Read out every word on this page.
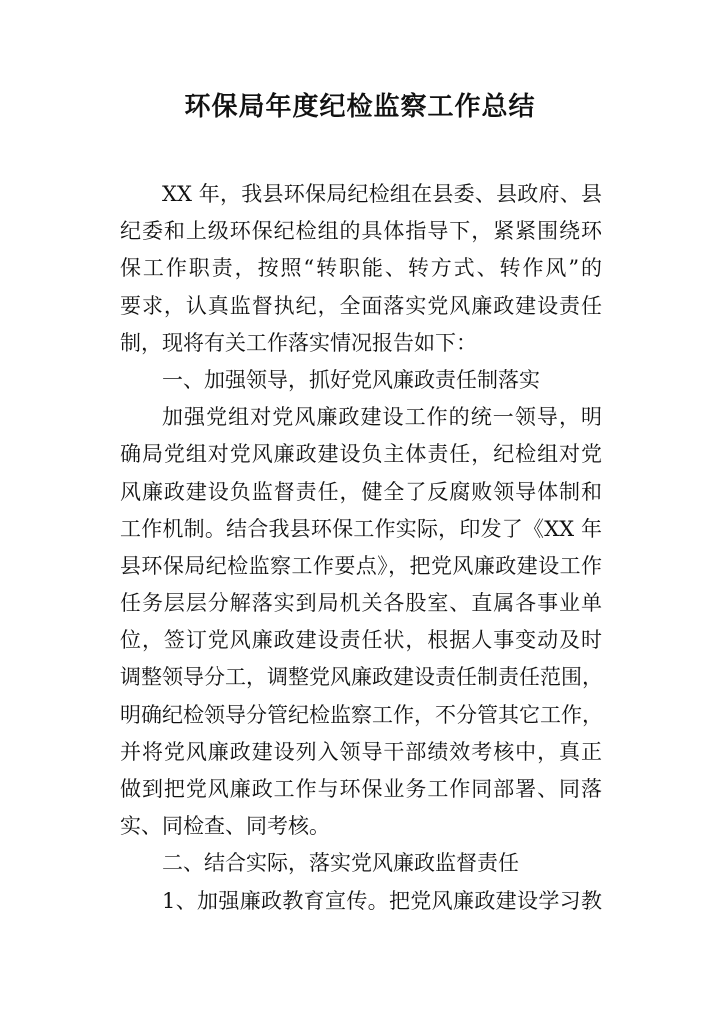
环保局年度纪检监察工作总结
XX 年，我县环保局纪检组在县委、县政府、县
纪委和上级环保纪检组的具体指导下，紧紧围绕环
保工作职责，按照“转职能、转方式、转作风”的
要求，认真监督执纪，全面落实党风廉政建设责任
制，现将有关工作落实情况报告如下：
一、加强领导，抓好党风廉政责任制落实
加强党组对党风廉政建设工作的统一领导，明
确局党组对党风廉政建设负主体责任，纪检组对党
风廉政建设负监督责任，健全了反腐败领导体制和
工作机制。结合我县环保工作实际，印发了《XX 年
县环保局纪检监察工作要点》，把党风廉政建设工作
任务层层分解落实到局机关各股室、直属各事业单
位，签订党风廉政建设责任状，根据人事变动及时
调整领导分工，调整党风廉政建设责任制责任范围，
明确纪检领导分管纪检监察工作，不分管其它工作，
并将党风廉政建设列入领导干部绩效考核中，真正
做到把党风廉政工作与环保业务工作同部署、同落
实、同检查、同考核。
二、结合实际，落实党风廉政监督责任
1、加强廉政教育宣传。把党风廉政建设学习教
